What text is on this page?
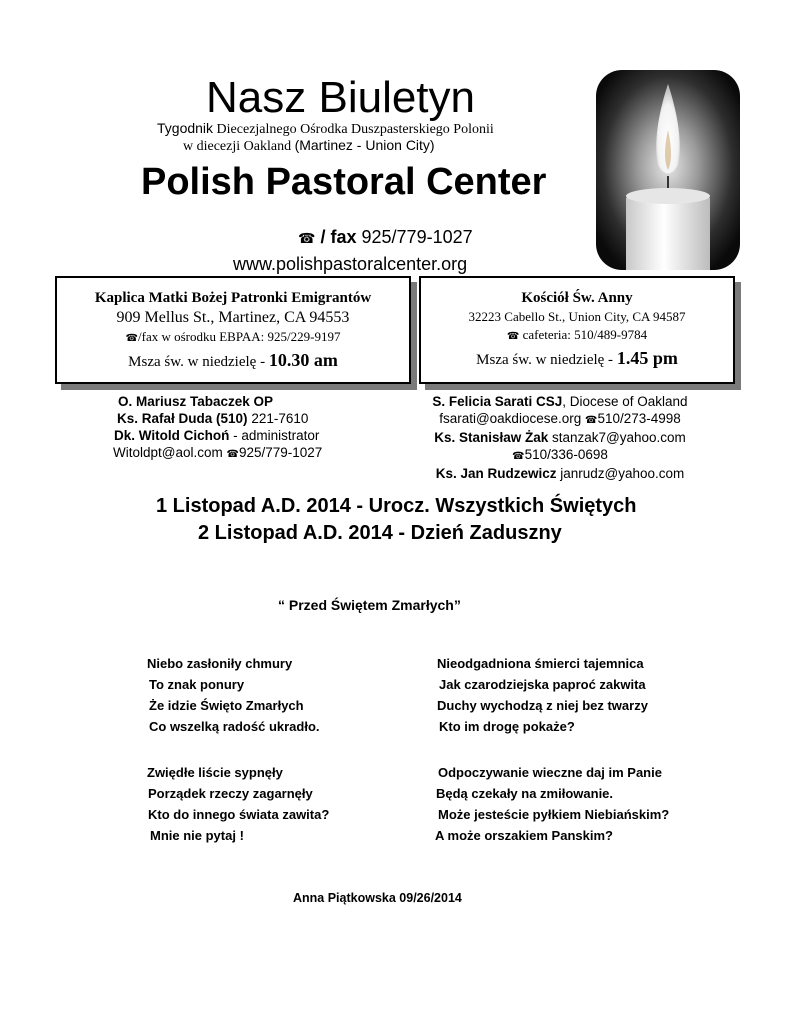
Nasz Biuletyn
Tygodnik Diecezjalnego Ośrodka Duszpasterskiego Polonii
w diecezji Oakland (Martinez - Union City)
Polish Pastoral Center
☎ / fax 925/779-1027
www.polishpastoralcenter.org
Kaplica Matki Bożej Patronki Emigrantów
909 Mellus St., Martinez, CA 94553
☎/fax w ośrodku EBPAA: 925/229-9197
Msza św. w niedzielę - 10.30 am
Kościół Św. Anny
32223 Cabello St., Union City, CA 94587
☎ cafeteria: 510/489-9784
Msza św. w niedzielę - 1.45 pm
O. Mariusz Tabaczek OP
Ks. Rafał Duda (510) 221-7610
Dk. Witold Cichoń - administrator
Witoldpt@aol.com ☎925/779-1027
S. Felicia Sarati CSJ, Diocese of Oakland
fsarati@oakdiocese.org ☎510/273-4998
Ks. Stanisław Żak stanzak7@yahoo.com
☎510/336-0698
Ks. Jan Rudzewicz janrudz@yahoo.com
1 Listopad A.D. 2014 - Urocz. Wszystkich Świętych
2 Listopad A.D. 2014 - Dzień Zaduszny
“ Przed Świętem Zmarłych”
Niebo zasłoniły chmury
To znak ponury
Że idzie Święto Zmarłych
Co wszelką radość ukradło.
Nieodgadniona śmierci tajemnica
Jak czarodziejska paproć zakwita
Duchy wychodzą z niej bez twarzy
Kto im drogę pokaże?
Zwiędłe liście sypnęły
Porządek rzeczy zagarnęły
Kto do innego świata zawita?
Mnie nie pytaj !
Odpoczywanie wieczne daj im Panie
Będą czekały na zmiłowanie.
Może jesteście pyłkiem Niebiańskim?
A może orszakiem Panskim?
Anna Piątkowska 09/26/2014
